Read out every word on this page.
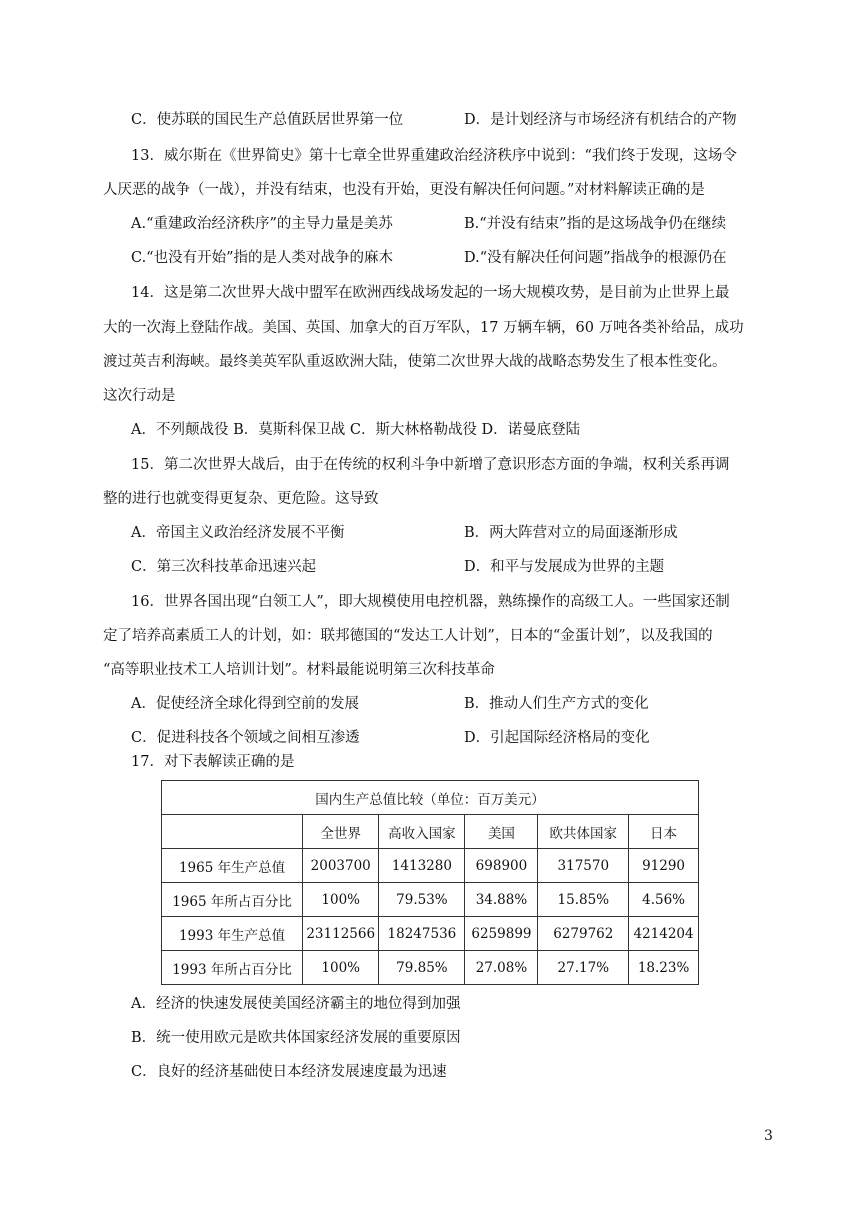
C．使苏联的国民生产总值跃居世界第一位	D．是计划经济与市场经济有机结合的产物
13．威尔斯在《世界简史》第十七章全世界重建政治经济秩序中说到：“我们终于发现，这场令
人厌恶的战争（一战），并没有结束，也没有开始，更没有解决任何问题。”对材料解读正确的是
A.“重建政治经济秩序”的主导力量是美苏	B.“并没有结束”指的是这场战争仍在继续
C.“也没有开始”指的是人类对战争的麻木	D.“没有解决任何问题”指战争的根源仍在
14．这是第二次世界大战中盟军在欧洲西线战场发起的一场大规模攻势，是目前为止世界上最
大的一次海上登陆作战。美国、英国、加拿大的百万军队，17 万辆车辆，60 万吨各类补给品，成功
渡过英吉利海峡。最终美英军队重返欧洲大陆，使第二次世界大战的战略态势发生了根本性变化。
这次行动是
A．不列颠战役 B．莫斯科保卫战 C．斯大林格勒战役 D．诺曼底登陆
15．第二次世界大战后，由于在传统的权利斗争中新增了意识形态方面的争端，权利关系再调
整的进行也就变得更复杂、更危险。这导致
A．帝国主义政治经济发展不平衡	B．两大阵营对立的局面逐渐形成
C．第三次科技革命迅速兴起	D．和平与发展成为世界的主题
16．世界各国出现“白领工人”，即大规模使用电控机器，熟练操作的高级工人。一些国家还制
定了培养高素质工人的计划，如：联邦德国的“发达工人计划”，日本的“金蛋计划”，以及我国的
“高等职业技术工人培训计划”。材料最能说明第三次科技革命
A．促使经济全球化得到空前的发展	B．推动人们生产方式的变化
C．促进科技各个领域之间相互渗透	D．引起国际经济格局的变化
17．对下表解读正确的是
国内生产总值比较（单位：百万美元）					
	全世界	高收入国家	美国	欧共体国家	日本
1965 年生产总值	2003700	1413280	698900	317570	91290
1965 年所占百分比	100%	79.53%	34.88%	15.85%	4.56%
1993 年生产总值	23112566	18247536	6259899	6279762	4214204
1993 年所占百分比	100%	79.85%	27.08%	27.17%	18.23%
A．经济的快速发展使美国经济霸主的地位得到加强
B．统一使用欧元是欧共体国家经济发展的重要原因
C．良好的经济基础使日本经济发展速度最为迅速
3
